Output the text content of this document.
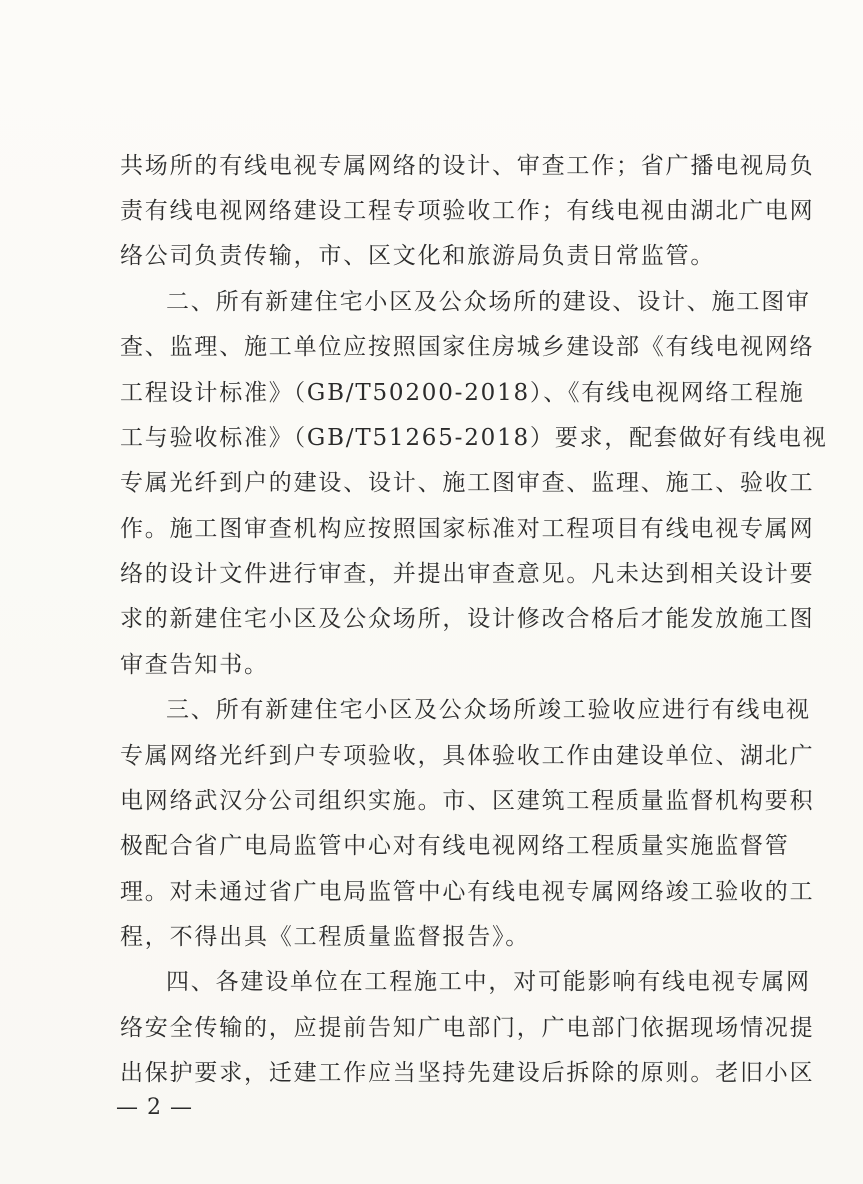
共场所的有线电视专属网络的设计、审查工作；省广播电视局负
责有线电视网络建设工程专项验收工作；有线电视由湖北广电网
络公司负责传输，市、区文化和旅游局负责日常监管。
二、所有新建住宅小区及公众场所的建设、设计、施工图审
查、监理、施工单位应按照国家住房城乡建设部《有线电视网络
工程设计标准》（GB/T50200-2018）、《有线电视网络工程施
工与验收标准》（GB/T51265-2018）要求，配套做好有线电视
专属光纤到户的建设、设计、施工图审查、监理、施工、验收工
作。施工图审查机构应按照国家标准对工程项目有线电视专属网
络的设计文件进行审查，并提出审查意见。凡未达到相关设计要
求的新建住宅小区及公众场所，设计修改合格后才能发放施工图
审查告知书。
三、所有新建住宅小区及公众场所竣工验收应进行有线电视
专属网络光纤到户专项验收，具体验收工作由建设单位、湖北广
电网络武汉分公司组织实施。市、区建筑工程质量监督机构要积
极配合省广电局监管中心对有线电视网络工程质量实施监督管
理。对未通过省广电局监管中心有线电视专属网络竣工验收的工
程，不得出具《工程质量监督报告》。
四、各建设单位在工程施工中，对可能影响有线电视专属网
络安全传输的，应提前告知广电部门，广电部门依据现场情况提
出保护要求，迁建工作应当坚持先建设后拆除的原则。老旧小区
— 2 —
